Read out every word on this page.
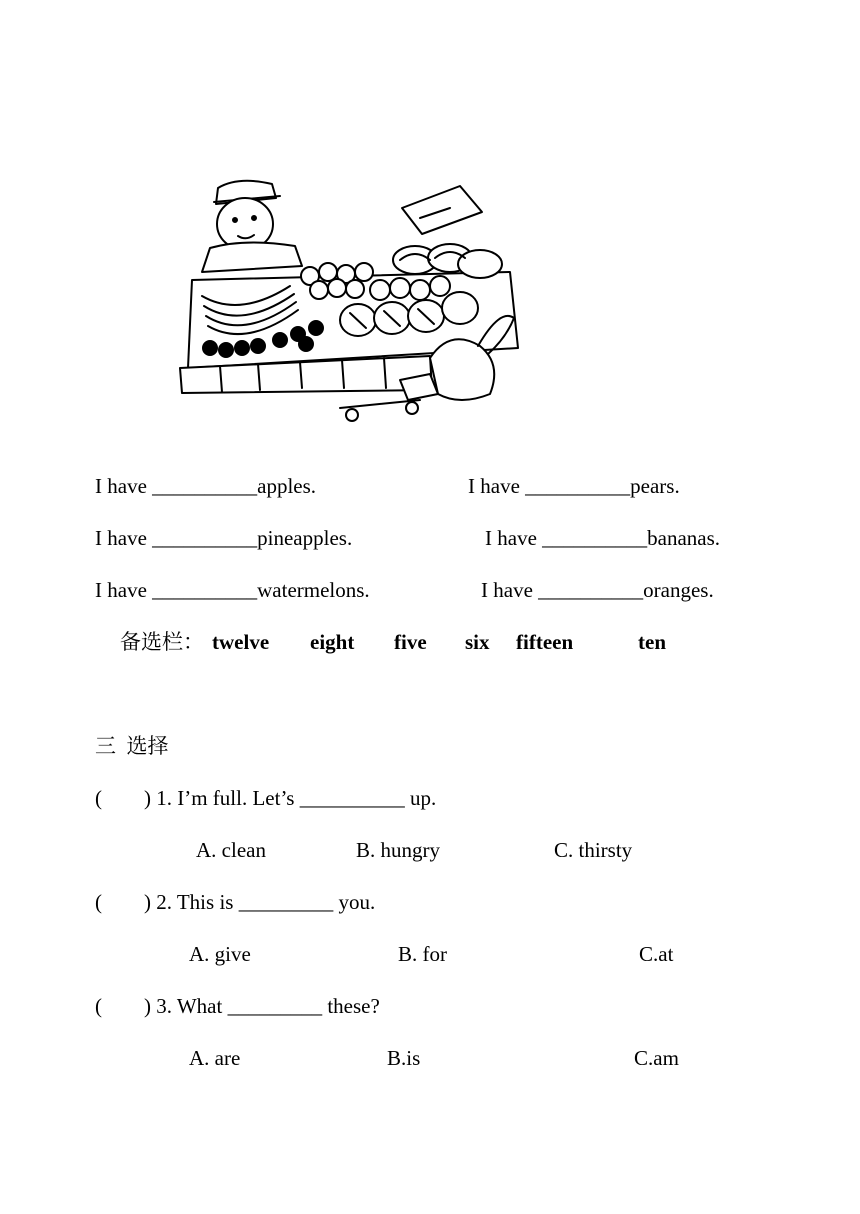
I have __________apples.	I have __________pears.
I have __________pineapples.	I have __________bananas.
I have __________watermelons.	I have __________oranges.
备选栏： twelve eight five six fifteen	ten
三  选择
(        ) 1. I’m full. Let’s __________ up.
A. clean	B. hungry	C. thirsty
(        ) 2. This is _________ you.
A. give	B. for	C.at
(        ) 3. What _________ these?
A. are	B.is	C.am
